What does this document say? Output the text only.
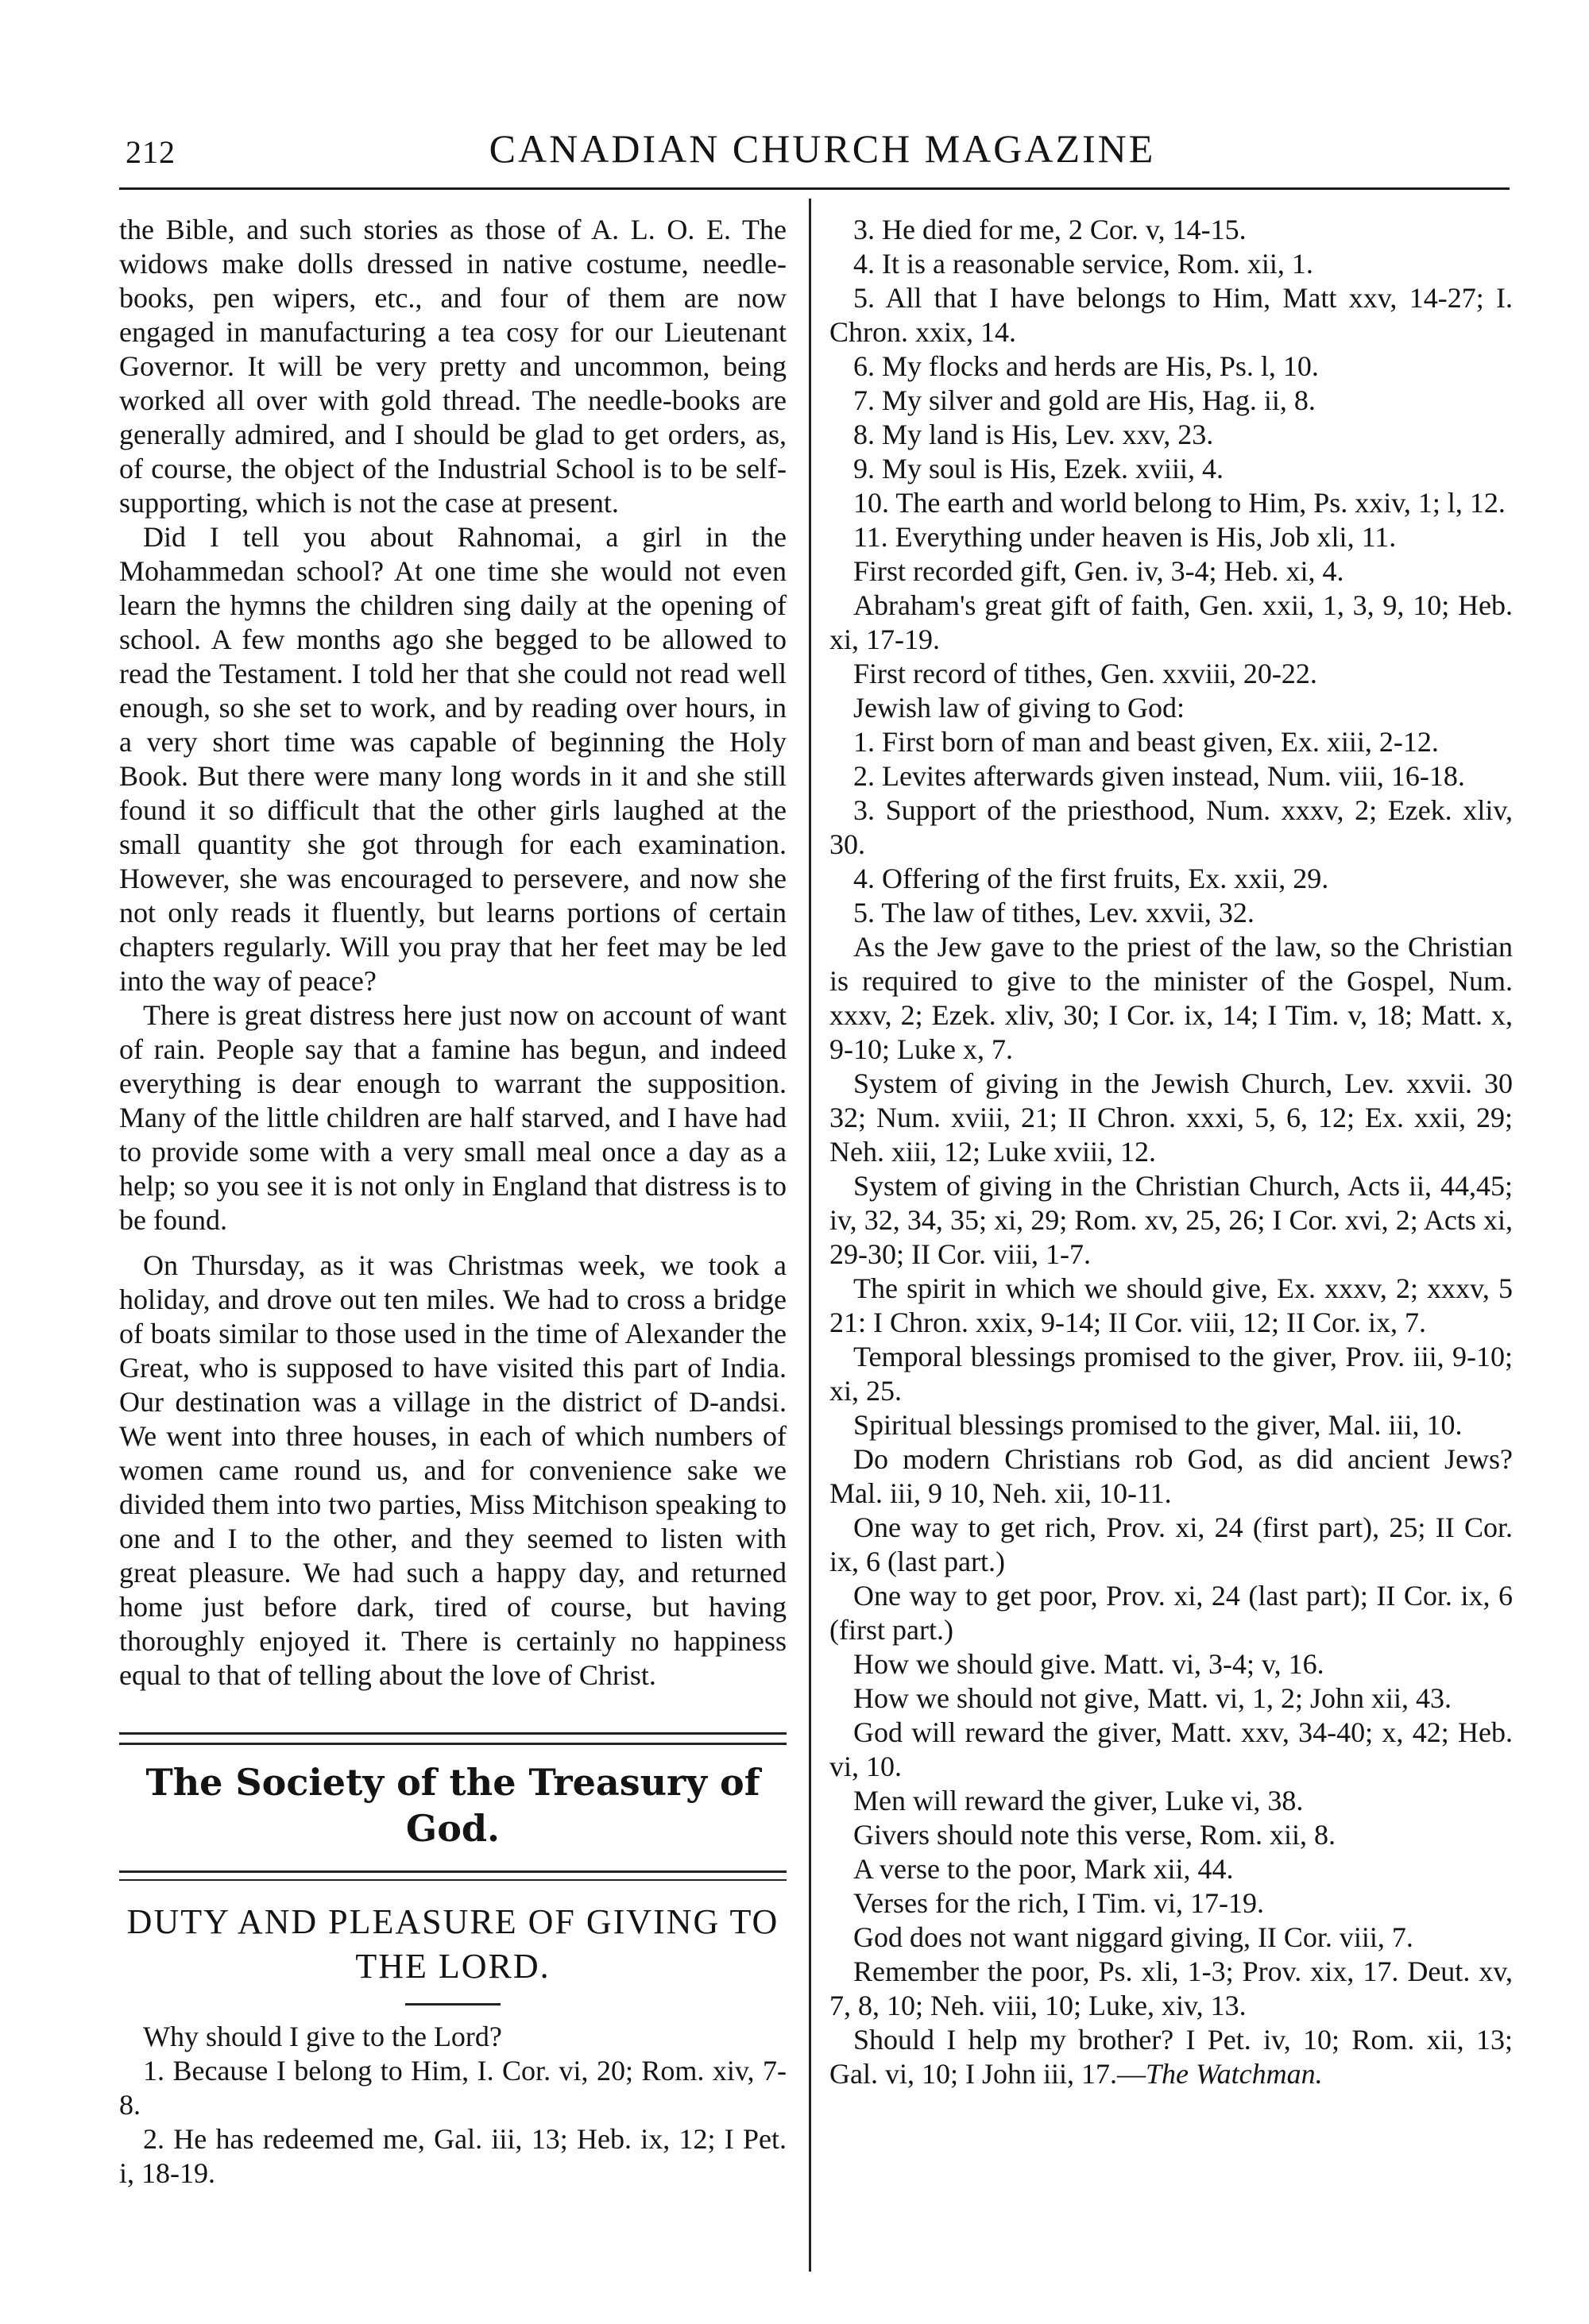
212	CANADIAN CHURCH MAGAZINE

the Bible, and such stories as those of A. L. O. E. The widows make dolls dressed in native costume, needle-books, pen wipers, etc., and four of them are now engaged in manufacturing a tea cosy for our Lieutenant Governor. It will be very pretty and uncommon, being worked all over with gold thread. The needle-books are generally admired, and I should be glad to get orders, as, of course, the object of the Industrial School is to be self-supporting, which is not the case at present.

Did I tell you about Rahnomai, a girl in the Mohammedan school? At one time she would not even learn the hymns the children sing daily at the opening of school. A few months ago she begged to be allowed to read the Testament. I told her that she could not read well enough, so she set to work, and by reading over hours, in a very short time was capable of beginning the Holy Book. But there were many long words in it and she still found it so difficult that the other girls laughed at the small quantity she got through for each examination. However, she was encouraged to persevere, and now she not only reads it fluently, but learns portions of certain chapters regularly. Will you pray that her feet may be led into the way of peace?

There is great distress here just now on account of want of rain. People say that a famine has begun, and indeed everything is dear enough to warrant the supposition. Many of the little children are half starved, and I have had to provide some with a very small meal once a day as a help; so you see it is not only in England that distress is to be found.

On Thursday, as it was Christmas week, we took a holiday, and drove out ten miles. We had to cross a bridge of boats similar to those used in the time of Alexander the Great, who is supposed to have visited this part of India. Our destination was a village in the district of D-andsi. We went into three houses, in each of which numbers of women came round us, and for convenience sake we divided them into two parties, Miss Mitchison speaking to one and I to the other, and they seemed to listen with great pleasure. We had such a happy day, and returned home just before dark, tired of course, but having thoroughly enjoyed it. There is certainly no happiness equal to that of telling about the love of Christ.

The Society of the Treasury of God.
DUTY AND PLEASURE OF GIVING TO THE LORD.

Why should I give to the Lord?

1. Because I belong to Him, I. Cor. vi, 20; Rom. xiv, 7-8.

2. He has redeemed me, Gal. iii, 13; Heb. ix, 12; I Pet. i, 18-19.

3. He died for me, 2 Cor. v, 14-15.

4. It is a reasonable service, Rom. xii, 1.

5. All that I have belongs to Him, Matt xxv, 14-27; I. Chron. xxix, 14.

6. My flocks and herds are His, Ps. l, 10.

7. My silver and gold are His, Hag. ii, 8.

8. My land is His, Lev. xxv, 23.

9. My soul is His, Ezek. xviii, 4.

10. The earth and world belong to Him, Ps. xxiv, 1; l, 12.

11. Everything under heaven is His, Job xli, 11.

First recorded gift, Gen. iv, 3-4; Heb. xi, 4.

Abraham's great gift of faith, Gen. xxii, 1, 3, 9, 10; Heb. xi, 17-19.

First record of tithes, Gen. xxviii, 20-22.

Jewish law of giving to God:

1. First born of man and beast given, Ex. xiii, 2-12.

2. Levites afterwards given instead, Num. viii, 16-18.

3. Support of the priesthood, Num. xxxv, 2; Ezek. xliv, 30.

4. Offering of the first fruits, Ex. xxii, 29.

5. The law of tithes, Lev. xxvii, 32.

As the Jew gave to the priest of the law, so the Christian is required to give to the minister of the Gospel, Num. xxxv, 2; Ezek. xliv, 30; I Cor. ix, 14; I Tim. v, 18; Matt. x, 9-10; Luke x, 7.

System of giving in the Jewish Church, Lev. xxvii. 30 32; Num. xviii, 21; II Chron. xxxi, 5, 6, 12; Ex. xxii, 29; Neh. xiii, 12; Luke xviii, 12.

System of giving in the Christian Church, Acts ii, 44,45; iv, 32, 34, 35; xi, 29; Rom. xv, 25, 26; I Cor. xvi, 2; Acts xi, 29-30; II Cor. viii, 1-7.

The spirit in which we should give, Ex. xxxv, 2; xxxv, 5 21: I Chron. xxix, 9-14; II Cor. viii, 12; II Cor. ix, 7.

Temporal blessings promised to the giver, Prov. iii, 9-10; xi, 25.

Spiritual blessings promised to the giver, Mal. iii, 10.

Do modern Christians rob God, as did ancient Jews? Mal. iii, 9 10, Neh. xii, 10-11.

One way to get rich, Prov. xi, 24 (first part), 25; II Cor. ix, 6 (last part.)

One way to get poor, Prov. xi, 24 (last part); II Cor. ix, 6 (first part.)

How we should give. Matt. vi, 3-4; v, 16.

How we should not give, Matt. vi, 1, 2; John xii, 43.

God will reward the giver, Matt. xxv, 34-40; x, 42; Heb. vi, 10.

Men will reward the giver, Luke vi, 38.

Givers should note this verse, Rom. xii, 8.

A verse to the poor, Mark xii, 44.

Verses for the rich, I Tim. vi, 17-19.

God does not want niggard giving, II Cor. viii, 7.

Remember the poor, Ps. xli, 1-3; Prov. xix, 17. Deut. xv, 7, 8, 10; Neh. viii, 10; Luke, xiv, 13.

Should I help my brother? I Pet. iv, 10; Rom. xii, 13; Gal. vi, 10; I John iii, 17.—The Watchman.
